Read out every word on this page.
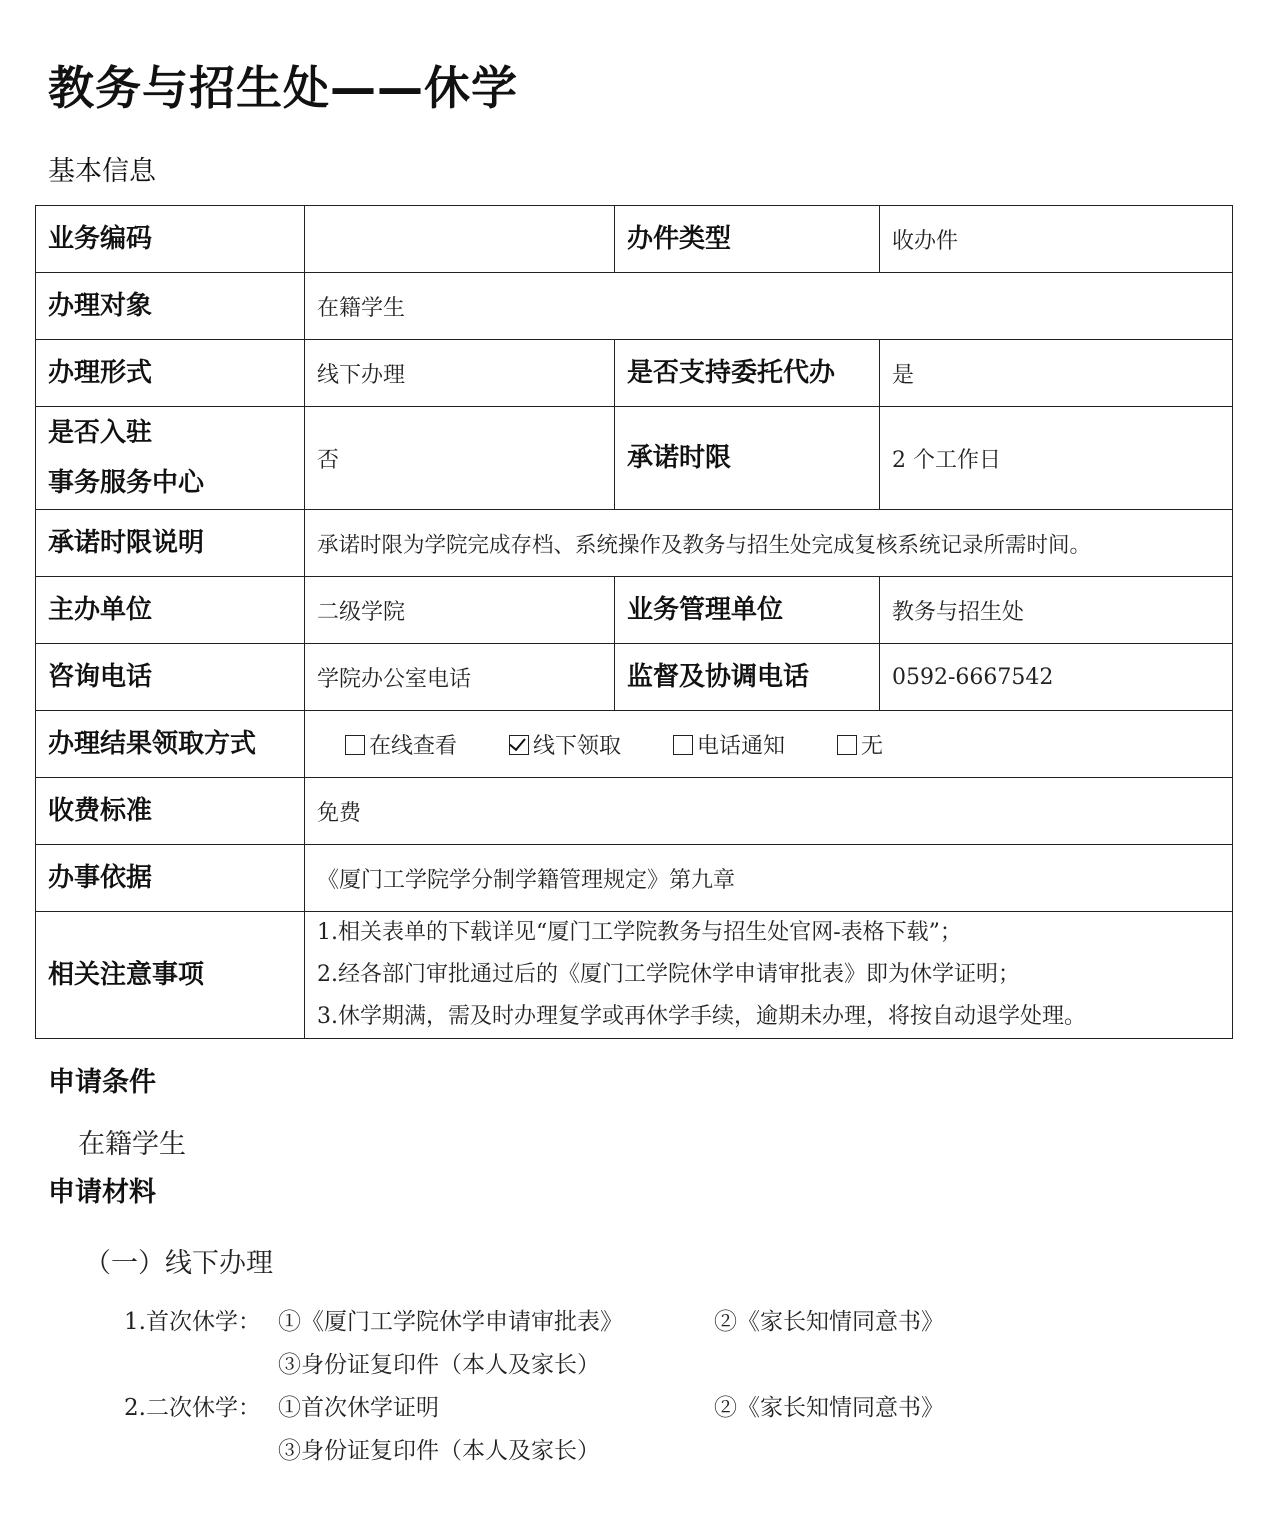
教务与招生处——休学
基本信息
业务编码		办件类型	收办件
办理对象	在籍学生		
办理形式	线下办理	是否支持委托代办	是

是否入驻
事务服务中心	否	承诺时限	2 个工作日
承诺时限说明	承诺时限为学院完成存档、系统操作及教务与招生处完成复核系统记录所需时间。		
主办单位	二级学院	业务管理单位	教务与招生处
咨询电话	学院办公室电话	监督及协调电话	0592-6667542
办理结果领取方式	在线查看 线下领取 电话通知 无		
收费标准	免费		
办事依据	《厦门工学院学分制学籍管理规定》第九章		
相关注意事项	1.相关表单的下载详见“厦门工学院教务与招生处官网-表格下载”；
2.经各部门审批通过后的《厦门工学院休学申请审批表》即为休学证明；
3.休学期满，需及时办理复学或再休学手续，逾期未办理，将按自动退学处理。		
申请条件
在籍学生
申请材料
（一）线下办理
1.首次休学： ①《厦门工学院休学申请审批表》	②《家长知情同意书》
③身份证复印件（本人及家长）
2.二次休学： ①首次休学证明	②《家长知情同意书》
③身份证复印件（本人及家长）
